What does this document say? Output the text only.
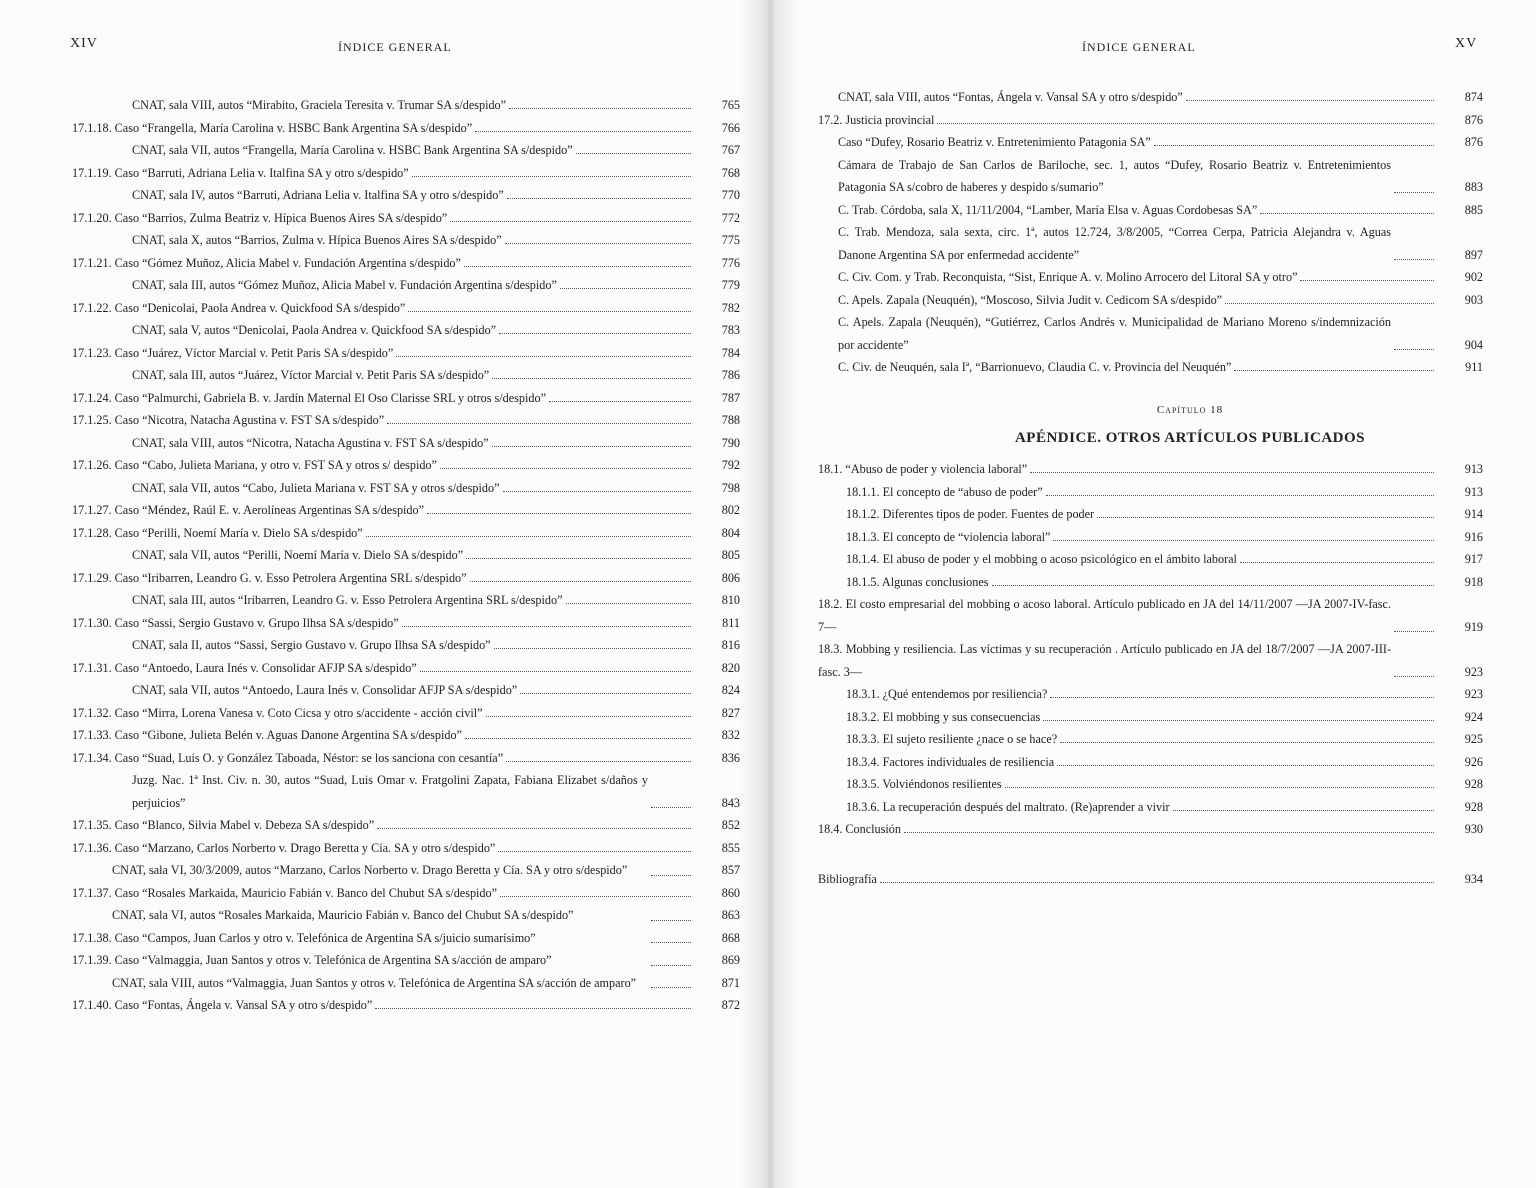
XIV	ÍNDICE GENERAL
CNAT, sala VIII, autos “Mirabito, Graciela Teresita v. Trumar SA s/despido”	765
17.1.18. Caso “Frangella, María Carolina v. HSBC Bank Argentina SA s/despido”	766
CNAT, sala VII, autos “Frangella, María Carolina v. HSBC Bank Argentina SA s/despido”	767
17.1.19. Caso “Barruti, Adriana Lelia v. Italfina SA y otro s/despido”	768
CNAT, sala IV, autos “Barruti, Adriana Lelia v. Italfina SA y otro s/despido”	770
17.1.20. Caso “Barrios, Zulma Beatriz v. Hípica Buenos Aires SA s/despido”	772
CNAT, sala X, autos “Barrios, Zulma v. Hípica Buenos Aires SA s/despido”	775
17.1.21. Caso “Gómez Muñoz, Alicia Mabel v. Fundación Argentina s/despido”	776
CNAT, sala III, autos “Gómez Muñoz, Alicia Mabel v. Fundación Argentina s/despido”	779
17.1.22. Caso “Denicolai, Paola Andrea v. Quickfood SA s/despido”	782
CNAT, sala V, autos “Denicolai, Paola Andrea v. Quickfood SA s/despido”	783
17.1.23. Caso “Juárez, Víctor Marcial v. Petit Paris SA s/despido”	784
CNAT, sala III, autos “Juárez, Víctor Marcial v. Petit Paris SA s/despido”	786
17.1.24. Caso “Palmurchi, Gabriela B. v. Jardín Maternal El Oso Clarisse SRL y otros s/despido”	787
17.1.25. Caso “Nicotra, Natacha Agustina v. FST SA s/despido”	788
CNAT, sala VIII, autos “Nicotra, Natacha Agustina v. FST SA s/despido”	790
17.1.26. Caso “Cabo, Julieta Mariana, y otro v. FST SA y otros s/ despido”	792
CNAT, sala VII, autos “Cabo, Julieta Mariana v. FST SA y otros s/despido”	798
17.1.27. Caso “Méndez, Raúl E. v. Aerolíneas Argentinas SA s/despido”	802
17.1.28. Caso “Perilli, Noemí María v. Dielo SA s/despido”	804
CNAT, sala VII, autos “Perilli, Noemí María v. Dielo SA s/despido”	805
17.1.29. Caso “Iribarren, Leandro G. v. Esso Petrolera Argentina SRL s/despido”	806
CNAT, sala III, autos “Iribarren, Leandro G. v. Esso Petrolera Argentina SRL s/despido”	810
17.1.30. Caso “Sassi, Sergio Gustavo v. Grupo Ilhsa SA s/despido”	811
CNAT, sala II, autos “Sassi, Sergio Gustavo v. Grupo Ilhsa SA s/despido”	816
17.1.31. Caso “Antoedo, Laura Inés v. Consolidar AFJP SA s/despido”	820
CNAT, sala VII, autos “Antoedo, Laura Inés v. Consolidar AFJP SA s/despido”	824
17.1.32. Caso “Mirra, Lorena Vanesa v. Coto Cicsa y otro s/accidente - acción civil”	827
17.1.33. Caso “Gibone, Julieta Belén v. Aguas Danone Argentina SA s/despido”	832
17.1.34. Caso “Suad, Luis O. y González Taboada, Néstor: se los sanciona con cesantía”	836
Juzg. Nac. 1ª Inst. Civ. n. 30, autos “Suad, Luis Omar v. Fratgolini Zapata, Fabiana Elizabet s/daños y perjuicios”	843
17.1.35. Caso “Blanco, Silvia Mabel v. Debeza SA s/despido”	852
17.1.36. Caso “Marzano, Carlos Norberto v. Drago Beretta y Cía. SA y otro s/despido”	855
CNAT, sala VI, 30/3/2009, autos “Marzano, Carlos Norberto v. Drago Beretta y Cía. SA y otro s/despido”	857
17.1.37. Caso “Rosales Markaida, Mauricio Fabián v. Banco del Chubut SA s/despido”	860
CNAT, sala VI, autos “Rosales Markaida, Mauricio Fabián v. Banco del Chubut SA s/despido”	863
17.1.38. Caso “Campos, Juan Carlos y otro v. Telefónica de Argentina SA s/juicio sumarísimo”	868
17.1.39. Caso “Valmaggia, Juan Santos y otros v. Telefónica de Argentina SA s/acción de amparo”	869
CNAT, sala VIII, autos “Valmaggia, Juan Santos y otros v. Telefónica de Argentina SA s/acción de amparo”	871
17.1.40. Caso “Fontas, Ángela v. Vansal SA y otro s/despido”	872
XV
ÍNDICE GENERAL
CNAT, sala VIII, autos “Fontas, Ángela v. Vansal SA y otro s/despido”	874
17.2. Justicia provincial	876
Caso “Dufey, Rosario Beatriz v. Entretenimiento Patagonia SA”	876
Cámara de Trabajo de San Carlos de Bariloche, sec. 1, autos “Dufey, Rosario Beatriz v. Entretenimientos Patagonia SA s/cobro de haberes y despido s/sumario”	883
C. Trab. Córdoba, sala X, 11/11/2004, “Lamber, María Elsa v. Aguas Cordobesas SA”	885
C. Trab. Mendoza, sala sexta, circ. 1ª, autos 12.724, 3/8/2005, “Correa Cerpa, Patricia Alejandra v. Aguas Danone Argentina SA por enfermedad accidente”	897
C. Civ. Com. y Trab. Reconquista, “Sist, Enrique A. v. Molino Arrocero del Litoral SA y otro”	902
C. Apels. Zapala (Neuquén), “Moscoso, Silvia Judit v. Cedicom SA s/despido”	903
C. Apels. Zapala (Neuquén), “Gutiérrez, Carlos Andrés v. Municipalidad de Mariano Moreno s/indemnización por accidente”	904
C. Civ. de Neuquén, sala Iª, “Barrionuevo, Claudia C. v. Provincia del Neuquén”	911
Capítulo 18
APÉNDICE. OTROS ARTÍCULOS PUBLICADOS
18.1. “Abuso de poder y violencia laboral”	913
18.1.1. El concepto de “abuso de poder”	913
18.1.2. Diferentes tipos de poder. Fuentes de poder	914
18.1.3. El concepto de “violencia laboral”	916
18.1.4. El abuso de poder y el mobbing o acoso psicológico en el ámbito laboral	917
18.1.5. Algunas conclusiones	918
18.2. El costo empresarial del mobbing o acoso laboral. Artículo publicado en JA del 14/11/2007 —JA 2007-IV-fasc. 7—	919
18.3. Mobbing y resiliencia. Las víctimas y su recuperación . Artículo publicado en JA del 18/7/2007 —JA 2007-III-fasc. 3—	923
18.3.1. ¿Qué entendemos por resiliencia?	923
18.3.2. El mobbing y sus consecuencias	924
18.3.3. El sujeto resiliente ¿nace o se hace?	925
18.3.4. Factores individuales de resiliencia	926
18.3.5. Volviéndonos resilientes	928
18.3.6. La recuperación después del maltrato. (Re)aprender a vivir	928
18.4. Conclusión	930
Bibliografía	934
